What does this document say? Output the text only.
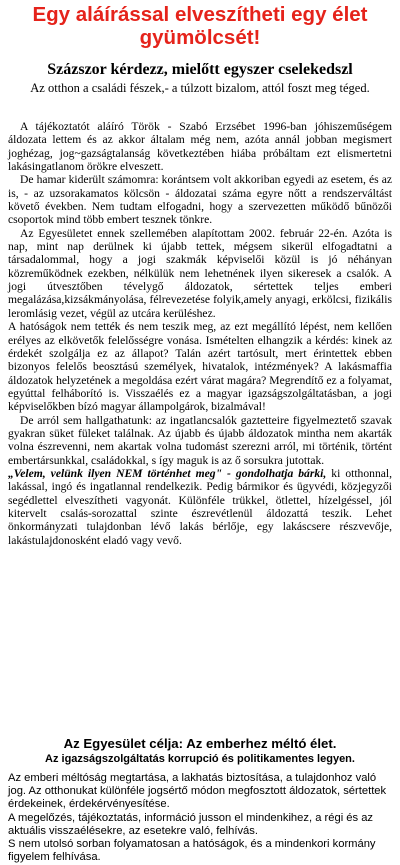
Egy aláírással elveszítheti egy élet gyümölcsét!
Százszor kérdezz, mielőtt egyszer cselekedszl

Az otthon a családi fészek,- a túlzott bizalom, attól foszt meg téged.

A tájékoztatót aláíró Török - Szabó Erzsébet 1996-ban jóhiszeműségem áldozata lettem és az akkor általam még nem, azóta annál jobban megismert joghézag, jog~gazságtalanság következtében hiába próbáltam ezt elismertetni lakásingatlanom örökre elveszett.

De hamar kiderült számomra: korántsem volt akkoriban egyedi az esetem, és az is, - az uzsorakamatos kölcsön - áldozatai száma egyre nőtt a rendszerváltást követő években. Nem tudtam elfogadni, hogy a szervezetten működő bűnözői csoportok mind több embert tesznek tönkre.

Az Egyesületet ennek szellemében alapítottam 2002. február 22-én. Azóta is nap, mint nap derülnek ki újabb tettek, mégsem sikerül elfogadtatni a társadalommal, hogy a jogi szakmák képviselői közül is jó néhányan közreműködnek ezekben, nélkülük nem lehetnének ilyen sikeresek a csalók. A jogi útvesztőben tévelygő áldozatok, sértettek teljes emberi megalázása,kizsákmányolása, félrevezetése folyik,amely anyagi, erkölcsi, fizikális leromlásig vezet, végül az utcára kerüléshez.

A hatóságok nem tették és nem teszik meg, az ezt megállító lépést, nem kellően erélyes az elkövetők felelősségre vonása. Ismételten elhangzik a kérdés: kinek az érdekét szolgálja ez az állapot? Talán azért tartósult, mert érintettek ebben bizonyos felelős beosztású személyek, hivatalok, intézmények? A lakásmaffia áldozatok helyzetének a megoldása ezért várat magára? Megrendítő ez a folyamat, egyúttal felháborító is. Visszaélés ez a magyar igazságszolgáltatásban, a jogi képviselőkben bízó magyar állampolgárok, bizalmával!

De arról sem hallgathatunk: az ingatlancsalók gaztetteire figyelmeztető szavak gyakran süket füleket találnak. Az újabb és újabb áldozatok mintha nem akarták volna észrevenni, nem akartak volna tudomást szerezni arról, mi történik, történt embertársunkkal, családokkal, s így maguk is az ő sorsukra jutottak.

„Velem, velünk ilyen NEM történhet meg" - gondolhatja bárki, ki otthonnal, lakással, ingó és ingatlannal rendelkezik. Pedig bármikor és ügyvédi, közjegyzői segédlettel elveszítheti vagyonát. Különféle trükkel, ötlettel, hízelgéssel, jól kitervelt csalás-sorozattal szinte észrevétlenül áldozattá teszik. Lehet önkormányzati tulajdonban lévő lakás bérlője, egy lakáscsere részvevője, lakástulajdonosként eladó vagy vevő.

Az Egyesület célja: Az emberhez méltó élet.
Az igazságszolgáltatás korrupció és politikamentes legyen.

Az emberi méltóság megtartása, a lakhatás biztosítása, a tulajdonhoz való jog. Az otthonukat különféle jogsértő módon megfosztott áldozatok, sértettek érdekeinek, érdekérvényesítése.

A megelőzés, tájékoztatás, információ jusson el mindenkihez, a régi és az aktuális visszaélésekre, az esetekre való, felhívás.

S nem utolsó sorban folyamatosan a hatóságok, és a mindenkori kormány figyelem felhívása.
